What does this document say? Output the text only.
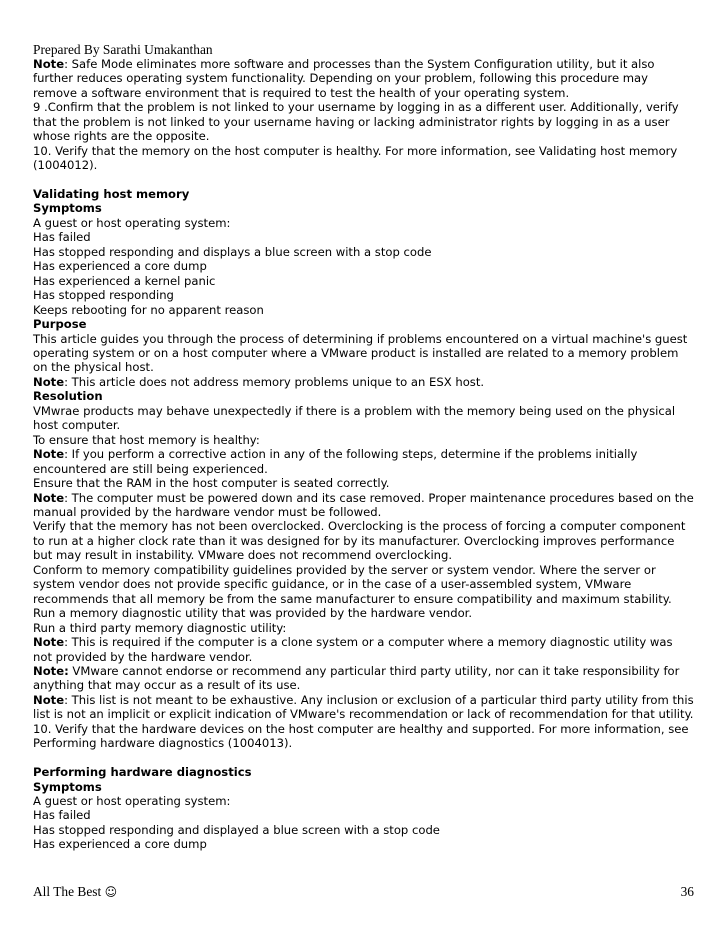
Prepared By Sarathi Umakanthan

Note: Safe Mode eliminates more software and processes than the System Configuration utility, but it also further reduces operating system functionality. Depending on your problem, following this procedure may remove a software environment that is required to test the health of your operating system.

9 .Confirm that the problem is not linked to your username by logging in as a different user. Additionally, verify that the problem is not linked to your username having or lacking administrator rights by logging in as a user whose rights are the opposite.

10. Verify that the memory on the host computer is healthy. For more information, see Validating host memory (1004012).

Validating host memory

Symptoms

A guest or host operating system:

Has failed

Has stopped responding and displays a blue screen with a stop code

Has experienced a core dump

Has experienced a kernel panic

Has stopped responding

Keeps rebooting for no apparent reason

Purpose

This article guides you through the process of determining if problems encountered on a virtual machine's guest operating system or on a host computer where a VMware product is installed are related to a memory problem on the physical host.

Note: This article does not address memory problems unique to an ESX host.

Resolution

VMwrae products may behave unexpectedly if there is a problem with the memory being used on the physical host computer.

To ensure that host memory is healthy:

Note: If you perform a corrective action in any of the following steps, determine if the problems initially encountered are still being experienced.

Ensure that the RAM in the host computer is seated correctly.

Note: The computer must be powered down and its case removed. Proper maintenance procedures based on the manual provided by the hardware vendor must be followed.

Verify that the memory has not been overclocked. Overclocking is the process of forcing a computer component to run at a higher clock rate than it was designed for by its manufacturer. Overclocking improves performance but may result in instability. VMware does not recommend overclocking.

Conform to memory compatibility guidelines provided by the server or system vendor. Where the server or system vendor does not provide specific guidance, or in the case of a user-assembled system, VMware recommends that all memory be from the same manufacturer to ensure compatibility and maximum stability.

Run a memory diagnostic utility that was provided by the hardware vendor.

Run a third party memory diagnostic utility:

Note: This is required if the computer is a clone system or a computer where a memory diagnostic utility was not provided by the hardware vendor.

Note: VMware cannot endorse or recommend any particular third party utility, nor can it take responsibility for anything that may occur as a result of its use.

Note: This list is not meant to be exhaustive. Any inclusion or exclusion of a particular third party utility from this list is not an implicit or explicit indication of VMware's recommendation or lack of recommendation for that utility.

10. Verify that the hardware devices on the host computer are healthy and supported. For more information, see Performing hardware diagnostics (1004013).

Performing hardware diagnostics

Symptoms

A guest or host operating system:

Has failed

Has stopped responding and displayed a blue screen with a stop code

Has experienced a core dump

All The Best ☺	36
